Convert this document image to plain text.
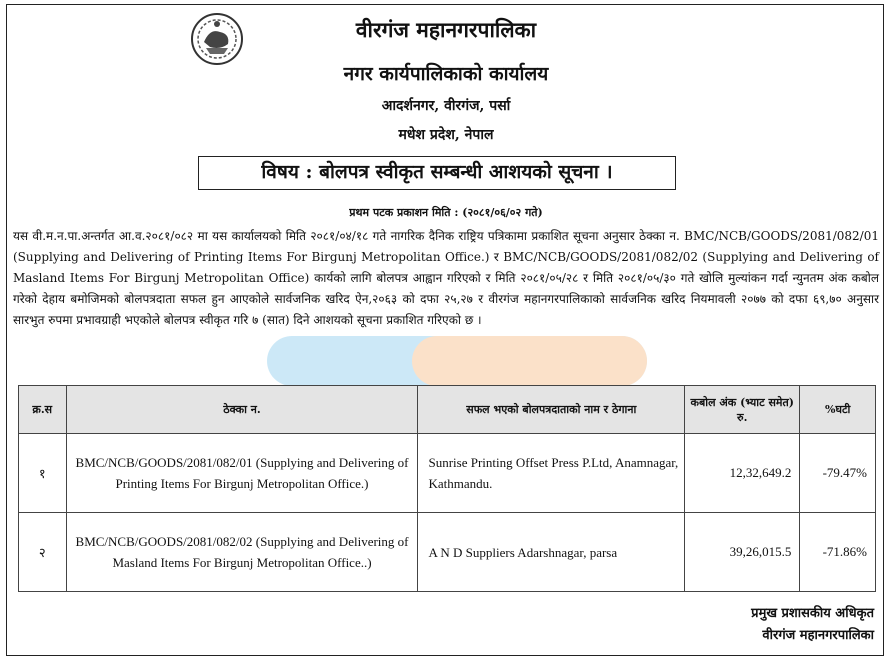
वीरगंज महानगरपालिका
नगर कार्यपालिकाको कार्यालय
आदर्शनगर, वीरगंज, पर्सा
मधेश प्रदेश, नेपाल
विषय : बोलपत्र स्वीकृत सम्बन्धी आशयको सूचना ।
प्रथम पटक प्रकाशन मिति : (२०८१/०६/०२ गते)

यस वी.म.न.पा.अन्तर्गत आ.व.२०८१/०८२ मा यस कार्यालयको मिति २०८१/०४/१८ गते नागरिक दैनिक राष्ट्रिय पत्रिकामा प्रकाशित सूचना अनुसार ठेक्का न. BMC/NCB/GOODS/2081/082/01 (Supplying and Delivering of Printing Items For Birgunj Metropolitan Office.) र BMC/NCB/GOODS/2081/082/02 (Supplying and Delivering of Masland Items For Birgunj Metropolitan Office) कार्यको लागि बोलपत्र आह्वान गरिएको र मिति २०८१/०५/२८ र मिति २०८१/०५/३० गते खोलि मुल्यांकन गर्दा न्युनतम अंक कबोल गरेको देहाय बमोजिमको बोलपत्रदाता सफल हुन आएकोले सार्वजनिक खरिद ऐन,२०६३ को दफा २५,२७ र वीरगंज महानगरपालिकाको सार्वजनिक खरिद नियमावली २०७७ को दफा ६९,७० अनुसार सारभुत रुपमा प्रभावग्राही भएकोले बोलपत्र स्वीकृत गरि ७ (सात) दिने आशयको सूचना प्रकाशित गरिएको छ ।

क्र.स	ठेक्का न.	सफल भएको बोलपत्रदाताको नाम र ठेगाना	कबोल अंक (भ्याट समेत) रु.	%घटी
१	BMC/NCB/GOODS/2081/082/01 (Supplying and Delivering of Printing Items For Birgunj Metropolitan Office.)	Sunrise Printing Offset Press P.Ltd, Anamnagar, Kathmandu.	12,32,649.2	-79.47%
२	BMC/NCB/GOODS/2081/082/02 (Supplying and Delivering of Masland Items For Birgunj Metropolitan Office..)	A N D Suppliers Adarshnagar, parsa	39,26,015.5	-71.86%
प्रमुख प्रशासकीय अधिकृत
वीरगंज महानगरपालिका
